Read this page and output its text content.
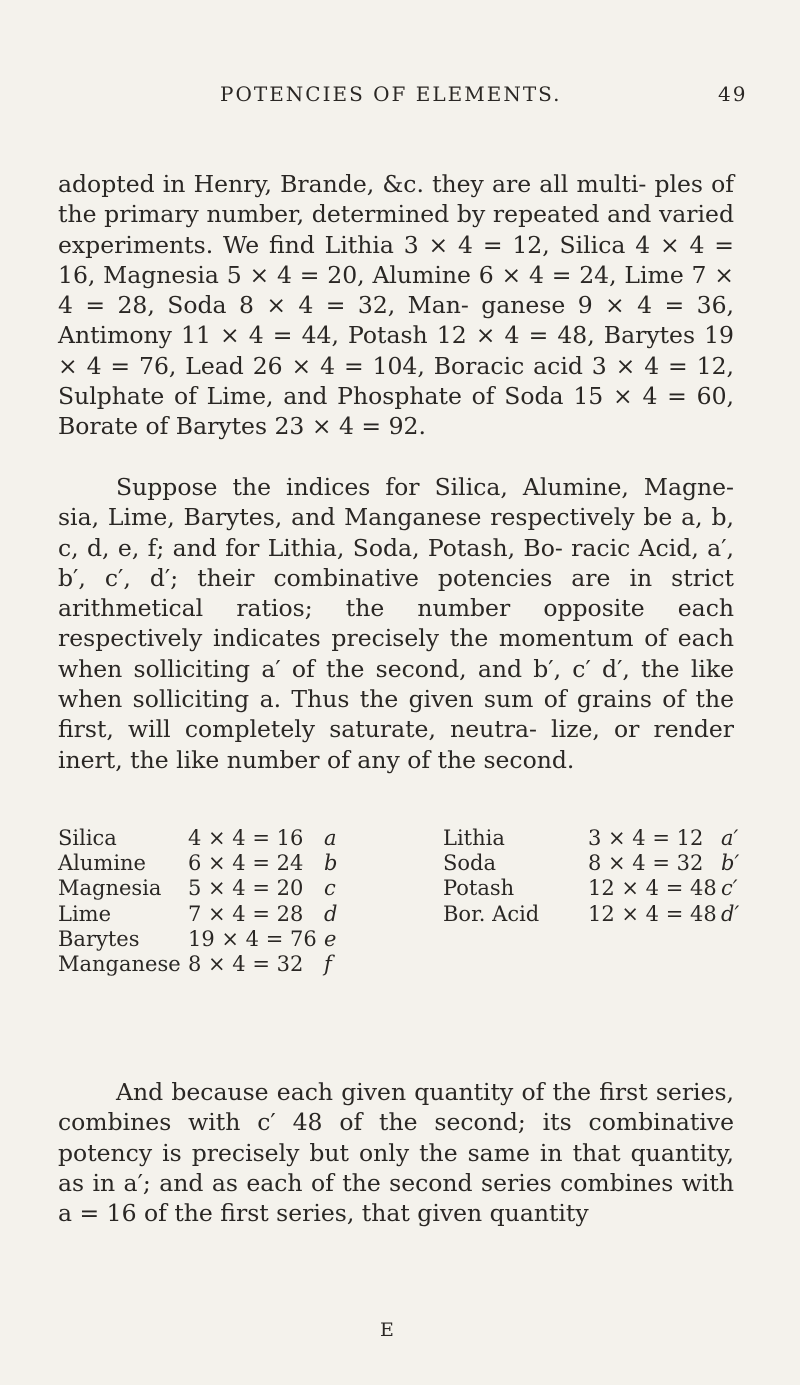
POTENCIES OF ELEMENTS.	49

adopted in Henry, Brande, &c. they are all multi- ples of the primary number, determined by repeated and varied experiments. We find Lithia 3 × 4 = 12, Silica 4 × 4 = 16, Magnesia 5 × 4 = 20, Alumine 6 × 4 = 24, Lime 7 × 4 = 28, Soda 8 × 4 = 32, Man- ganese 9 × 4 = 36, Antimony 11 × 4 = 44, Potash 12 × 4 = 48, Barytes 19 × 4 = 76, Lead 26 × 4 = 104, Boracic acid 3 × 4 = 12, Sulphate of Lime, and Phosphate of Soda 15 × 4 = 60, Borate of Barytes 23 × 4 = 92.

Suppose the indices for Silica, Alumine, Magne- sia, Lime, Barytes, and Manganese respectively be a, b, c, d, e, f; and for Lithia, Soda, Potash, Bo- racic Acid, a′, b′, c′, d′; their combinative potencies are in strict arithmetical ratios; the number opposite each respectively indicates precisely the momentum of each when solliciting a′ of the second, and b′, c′ d′, the like when solliciting a. Thus the given sum of grains of the first, will completely saturate, neutra- lize, or render inert, the like number of any of the second.

Silica	4 × 4 = 16 a
Alumine 6 × 4 = 24 b
Magnesia 5 × 4 = 20 c
Lime	7 × 4 = 28 d
Barytes 19 × 4 = 76 e
Manganese 8 × 4 = 32 f
Lithia	3 × 4 = 12 a′
Soda	8 × 4 = 32 b′
Potash	12 × 4 = 48 c′
Bor. Acid 12 × 4 = 48 d′

And because each given quantity of the first series, combines with c′ 48 of the second; its combinative potency is precisely but only the same in that quantity, as in a′; and as each of the second series combines with a = 16 of the first series, that given quantity

E
